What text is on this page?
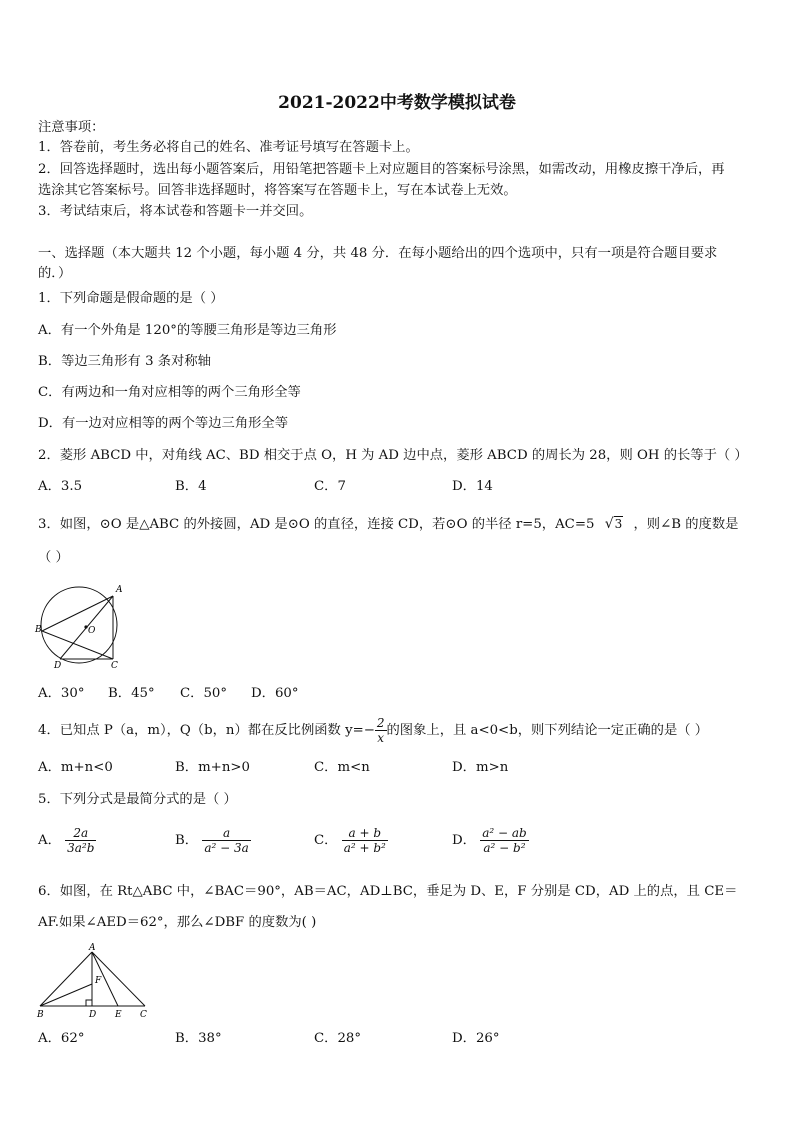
2021-2022中考数学模拟试卷
注意事项：
1．答卷前，考生务必将自己的姓名、准考证号填写在答题卡上。
2．回答选择题时，选出每小题答案后，用铅笔把答题卡上对应题目的答案标号涂黑，如需改动，用橡皮擦干净后，再
选涂其它答案标号。回答非选择题时，将答案写在答题卡上，写在本试卷上无效。
3．考试结束后，将本试卷和答题卡一并交回。
一、选择题（本大题共 12 个小题，每小题 4 分，共 48 分．在每小题给出的四个选项中，只有一项是符合题目要求
的．）
1．下列命题是假命题的是（ ）
A．有一个外角是 120°的等腰三角形是等边三角形
B．等边三角形有 3 条对称轴
C．有两边和一角对应相等的两个三角形全等
D．有一边对应相等的两个等边三角形全等
2．菱形 ABCD 中，对角线 AC、BD 相交于点 O，H 为 AD 边中点，菱形 ABCD 的周长为 28，则 OH 的长等于（ ）
A．3.5	B．4	C．7	D．14
3．如图，⊙O 是△ABC 的外接圆，AD 是⊙O 的直径，连接 CD，若⊙O 的半径 r=5，AC=5 √3 ，则∠B 的度数是
（ ）
A
B	O
D	C
A．30° B．45° C．50° D．60°
4．已知点 P（a，m），Q（b，n）都在反比例函数 $y=- \frac{2}{x}$ 的图象上，且 a<0<b，则下列结论一定正确的是（ ）
A．m+n<0	B．m+n>0	C．m<n	D．m>n
5．下列分式是最简分式的是（ ）
A． $\frac{2a}{\text{3a²b}}$	B． $\frac{a}{\text{a² − 3a}}$	C． $\frac{a + b}{\text{a² + b²}}$	D． $\frac{\text{a² − ab}}{\text{a² − b²}}$
6．如图，在 Rt△ABC 中，∠BAC＝90°，AB＝AC，AD⊥BC，垂足为 D、E，F 分别是 CD，AD 上的点，且 CE＝
AF.如果∠AED＝62°，那么∠DBF 的度数为( )
A
F
B	D E C
A．62°	B．38°	C．28°	D．26°
